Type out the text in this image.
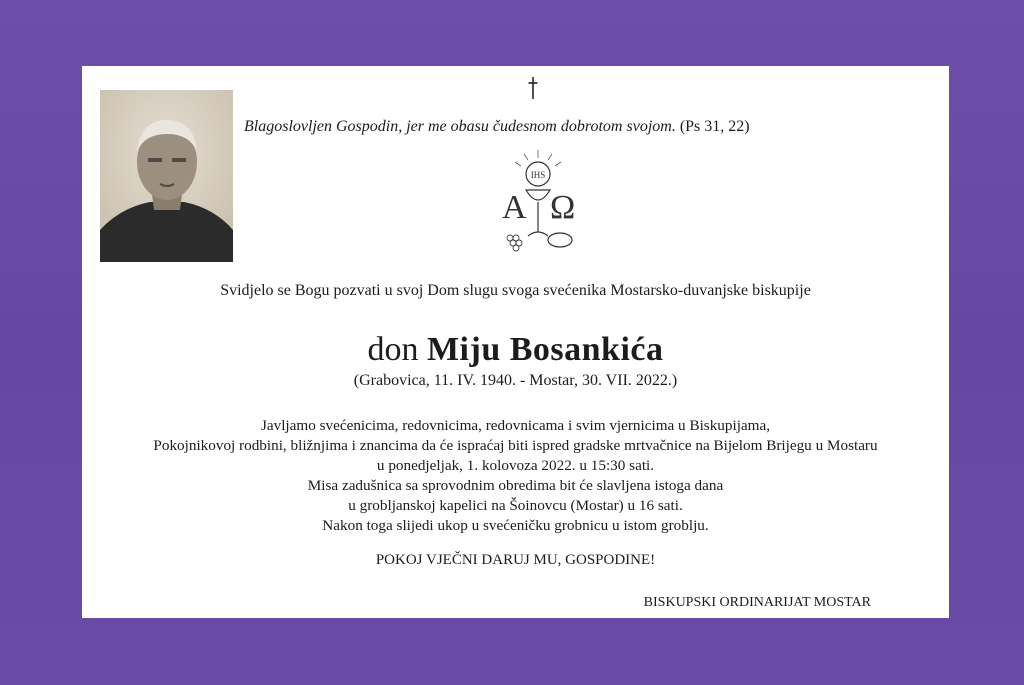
Blagoslovljen Gospodin, jer me obasu čudesnom dobrotom svojom. (Ps 31, 22)
IHS
A Ω
Svidjelo se Bogu pozvati u svoj Dom slugu svoga svećenika Mostarsko-duvanjske biskupije
don Miju Bosankića
(Grabovica, 11. IV. 1940. - Mostar, 30. VII. 2022.)
Javljamo svećenicima, redovnicima, redovnicama i svim vjernicima u Biskupijama,
Pokojnikovoj rodbini, bližnjima i znancima da će ispraćaj biti ispred gradske mrtvačnice na Bijelom Brijegu u Mostaru
u ponedjeljak, 1. kolovoza 2022. u 15:30 sati.
Misa zadušnica sa sprovodnim obredima bit će slavljena istoga dana
u grobljanskoj kapelici na Šoinovcu (Mostar) u 16 sati.
Nakon toga slijedi ukop u svećeničku grobnicu u istom groblju.
POKOJ VJEČNI DARUJ MU, GOSPODINE!
BISKUPSKI ORDINARIJAT MOSTAR
